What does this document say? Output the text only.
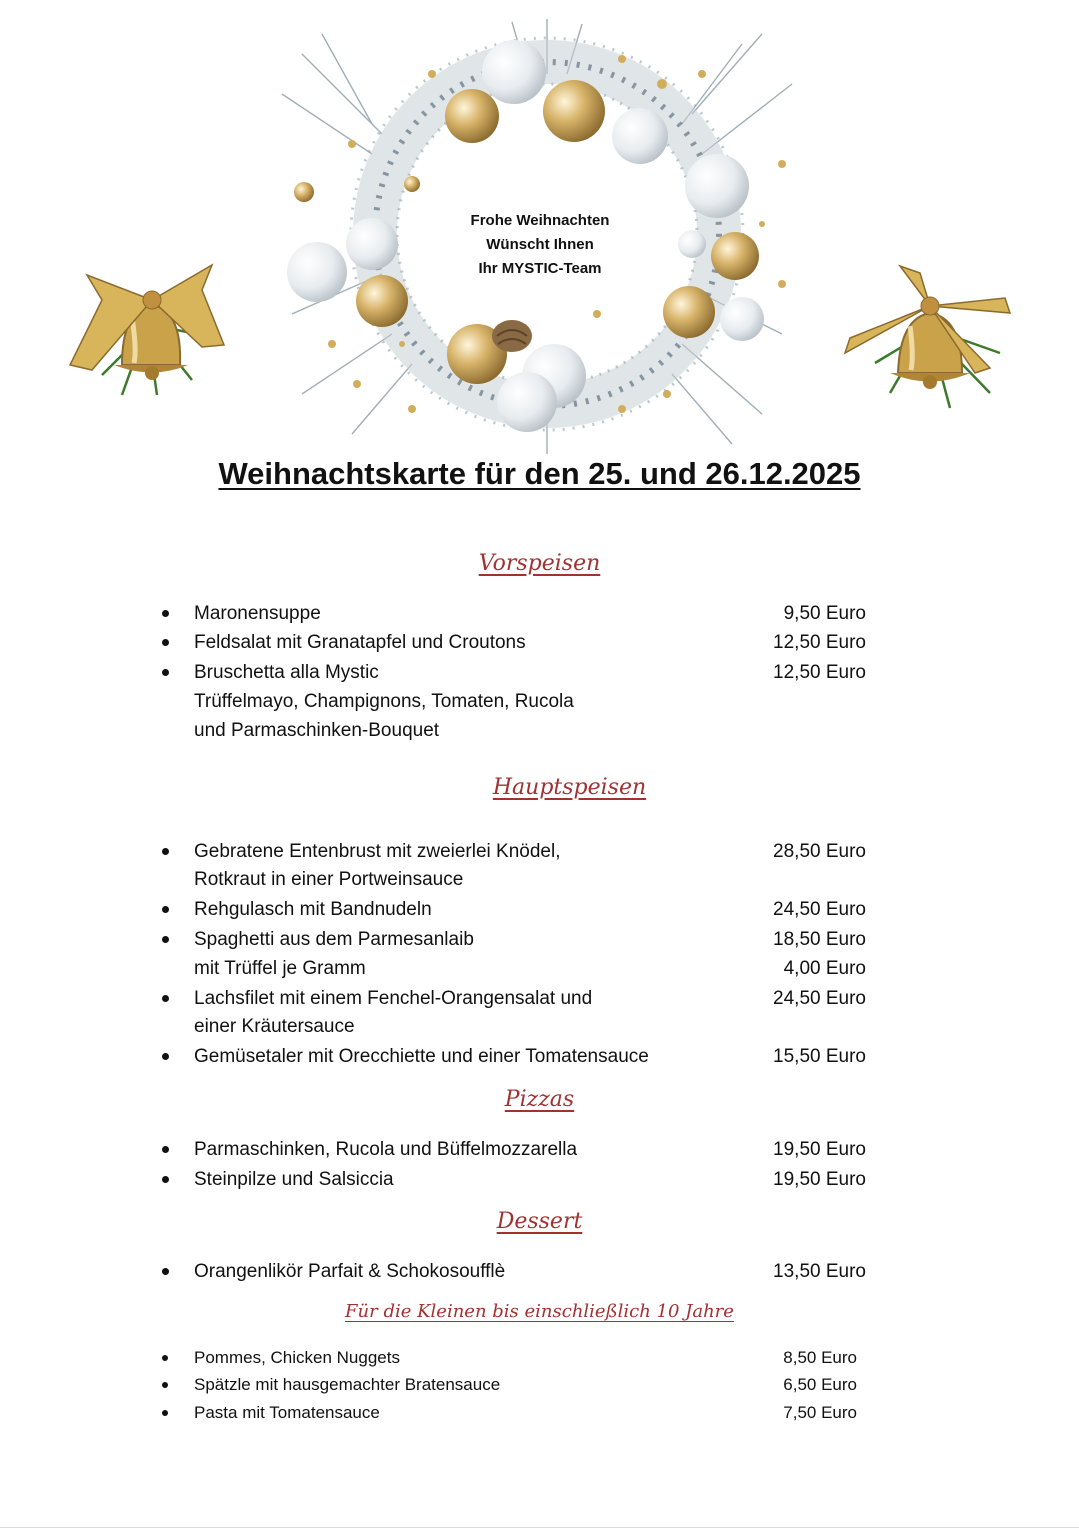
Frohe Weihnachten
Wünscht Ihnen
Ihr MYSTIC-Team
Weihnachtskarte für den 25. und 26.12.2025
Vorspeisen
Maronensuppe	9,50 Euro
Feldsalat mit Granatapfel und Croutons	12,50 Euro
Bruschetta alla Mystic	12,50 Euro
Trüffelmayo, Champignons, Tomaten, Rucola
und Parmaschinken-Bouquet
Hauptspeisen
Gebratene Entenbrust mit zweierlei Knödel,	28,50 Euro
Rotkraut in einer Portweinsauce
Rehgulasch mit Bandnudeln	24,50 Euro
Spaghetti aus dem Parmesanlaib	18,50 Euro
mit Trüffel je Gramm	4,00 Euro
Lachsfilet mit einem Fenchel-Orangensalat und	24,50 Euro
einer Kräutersauce
Gemüsetaler mit Orecchiette und einer Tomatensauce	15,50 Euro
Pizzas
Parmaschinken, Rucola und Büffelmozzarella	19,50 Euro
Steinpilze und Salsiccia	19,50 Euro
Dessert
Orangenlikör Parfait & Schokosoufflè	13,50 Euro
Für die Kleinen bis einschließlich 10 Jahre
Pommes, Chicken Nuggets	8,50 Euro
Spätzle mit hausgemachter Bratensauce	6,50 Euro
Pasta mit Tomatensauce	7,50 Euro
